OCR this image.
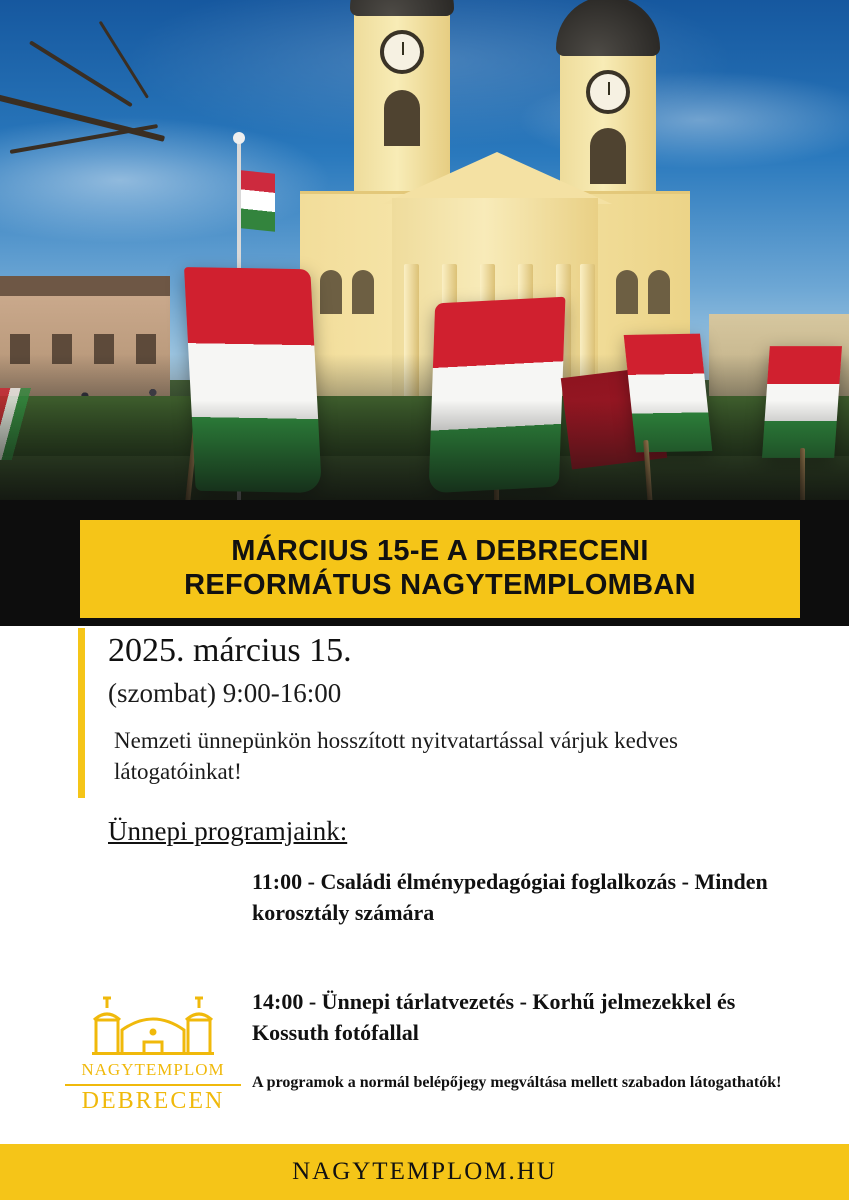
MÁRCIUS 15-E A DEBRECENI
REFORMÁTUS NAGYTEMPLOMBAN
2025. március 15.
(szombat) 9:00-16:00
Nemzeti ünnepünkön hosszított nyitvatartással várjuk kedves látogatóinkat!
Ünnepi programjaink:
11:00 - Családi élménypedagógiai foglalkozás - Minden korosztály számára
14:00 - Ünnepi tárlatvezetés - Korhű jelmezekkel és Kossuth fotófallal
A programok a normál belépőjegy megváltása mellett szabadon látogathatók!
NAGYTEMPLOM
DEBRECEN
NAGYTEMPLOM.HU
